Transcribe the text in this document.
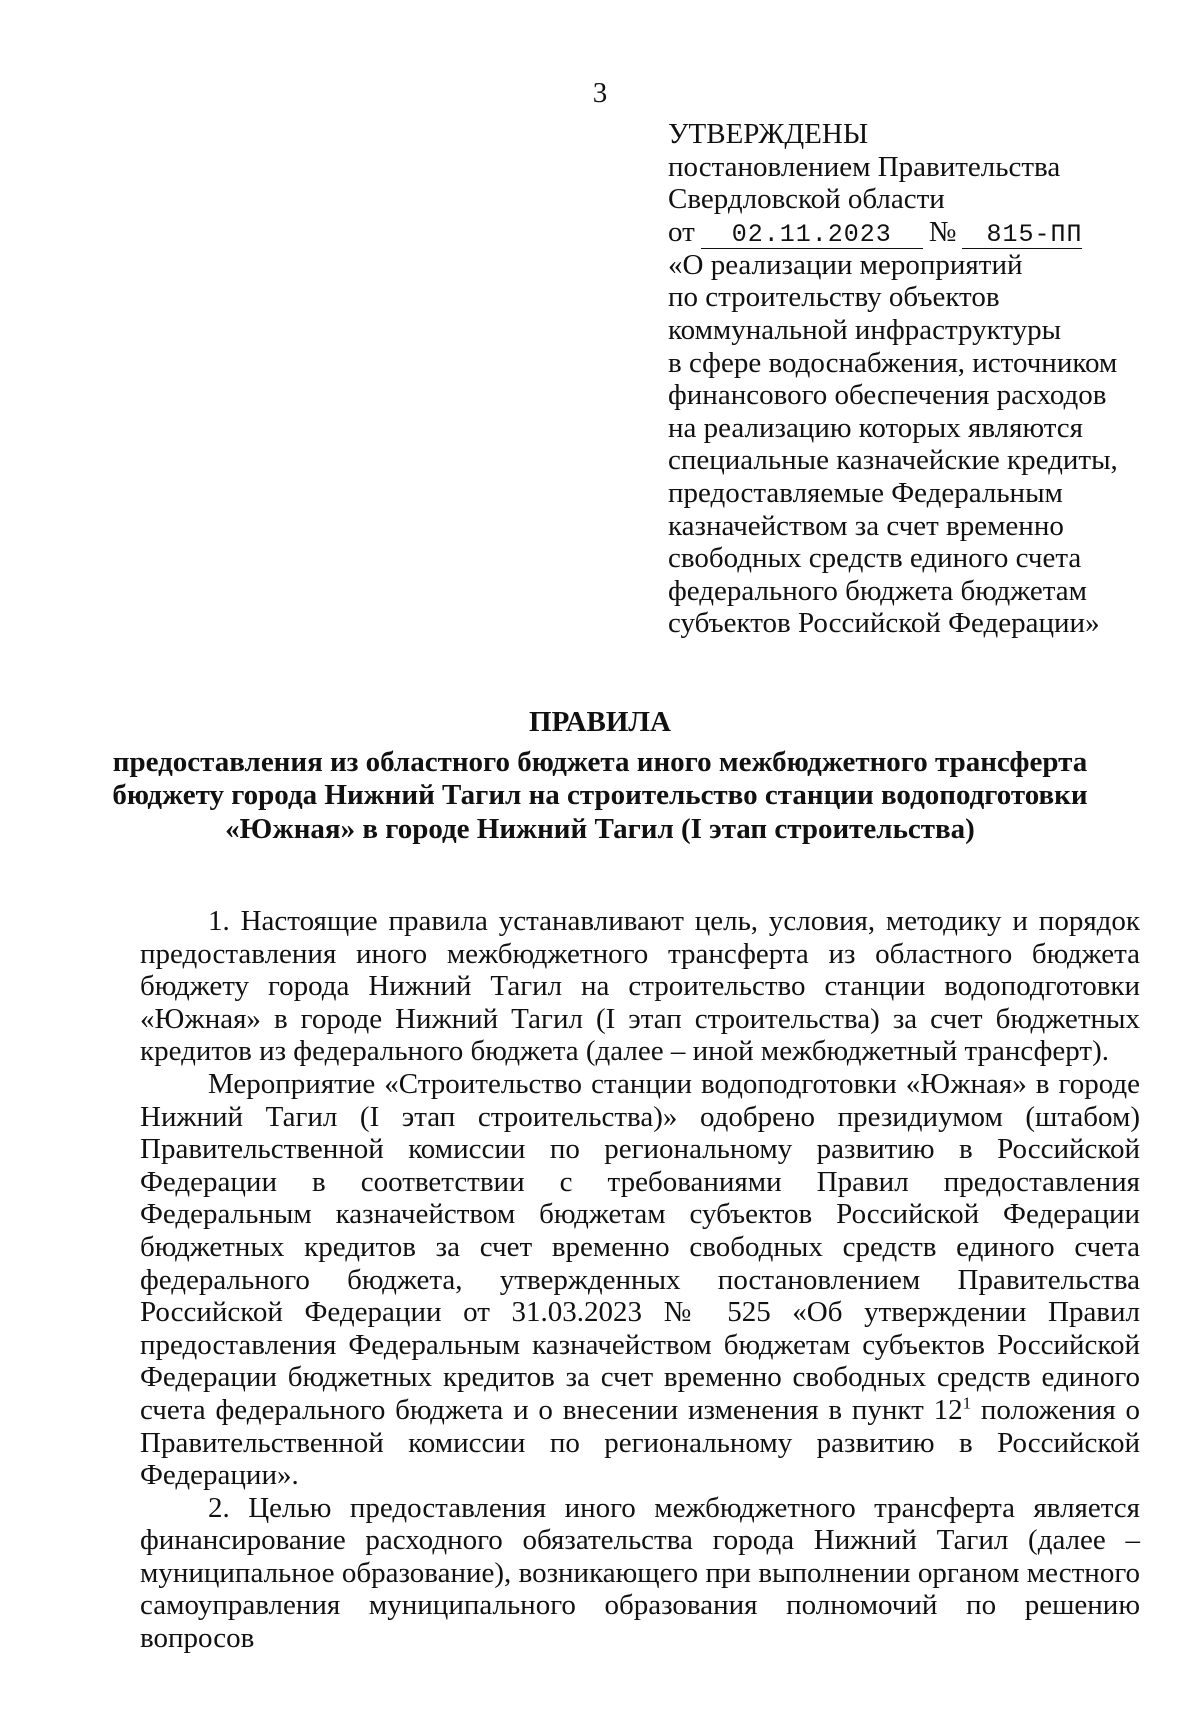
3
УТВЕРЖДЕНЫ
постановлением Правительства
Свердловской области
от 02.11.2023 № 815-ПП
«О реализации мероприятий
по строительству объектов
коммунальной инфраструктуры
в сфере водоснабжения, источником
финансового обеспечения расходов
на реализацию которых являются
специальные казначейские кредиты,
предоставляемые Федеральным
казначейством за счет временно
свободных средств единого счета
федерального бюджета бюджетам
субъектов Российской Федерации»
ПРАВИЛА
предоставления из областного бюджета иного межбюджетного трансферта
бюджету города Нижний Тагил на строительство станции водоподготовки
«Южная» в городе Нижний Тагил (I этап строительства)

1. Настоящие правила устанавливают цель, условия, методику и порядок предоставления иного межбюджетного трансферта из областного бюджета бюджету города Нижний Тагил на строительство станции водоподготовки «Южная» в городе Нижний Тагил (I этап строительства) за счет бюджетных кредитов из федерального бюджета (далее – иной межбюджетный трансферт).

Мероприятие «Строительство станции водоподготовки «Южная» в городе Нижний Тагил (I этап строительства)» одобрено президиумом (штабом) Правительственной комиссии по региональному развитию в Российской Федерации в соответствии с требованиями Правил предоставления Федеральным казначейством бюджетам субъектов Российской Федерации бюджетных кредитов за счет временно свободных средств единого счета федерального бюджета, утвержденных постановлением Правительства Российской Федерации от 31.03.2023 № 525 «Об утверждении Правил предоставления Федеральным казначейством бюджетам субъектов Российской Федерации бюджетных кредитов за счет временно свободных средств единого счета федерального бюджета и о внесении изменения в пункт $12^1$ положения о Правительственной комиссии по региональному развитию в Российской Федерации».

2. Целью предоставления иного межбюджетного трансферта является финансирование расходного обязательства города Нижний Тагил (далее – муниципальное образование), возникающего при выполнении органом местного самоуправления муниципального образования полномочий по решению вопросов
